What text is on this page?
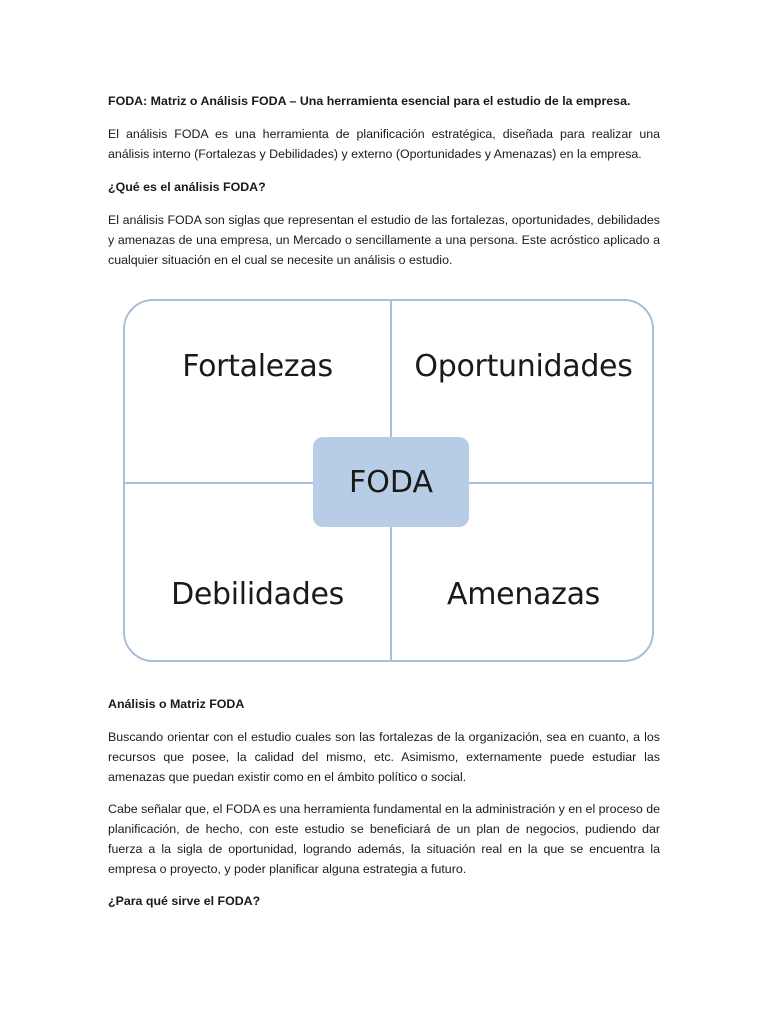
FODA: Matriz o Análisis FODA – Una herramienta esencial para el estudio de la empresa.

El análisis FODA es una herramienta de planificación estratégica, diseñada para realizar una análisis interno (Fortalezas y Debilidades) y externo (Oportunidades y Amenazas) en la empresa.

¿Qué es el análisis FODA?

El análisis FODA son siglas que representan el estudio de las fortalezas, oportunidades, debilidades y amenazas de una empresa, un Mercado o sencillamente a una persona. Este acróstico aplicado a cualquier situación en el cual se necesite un análisis o estudio.

Análisis o Matriz FODA

Buscando orientar con el estudio cuales son las fortalezas de la organización, sea en cuanto, a los recursos que posee, la calidad del mismo, etc. Asimismo, externamente puede estudiar las amenazas que puedan existir como en el ámbito político o social.

Cabe señalar que, el FODA es una herramienta fundamental en la administración y en el proceso de planificación, de hecho, con este estudio se beneficiará de un plan de negocios, pudiendo dar fuerza a la sigla de oportunidad, logrando además, la situación real en la que se encuentra la empresa o proyecto, y poder planificar alguna estrategia a futuro.

¿Para qué sirve el FODA?

Fortalezas	Oportunidades
Debilidades	Amenazas
FODA
